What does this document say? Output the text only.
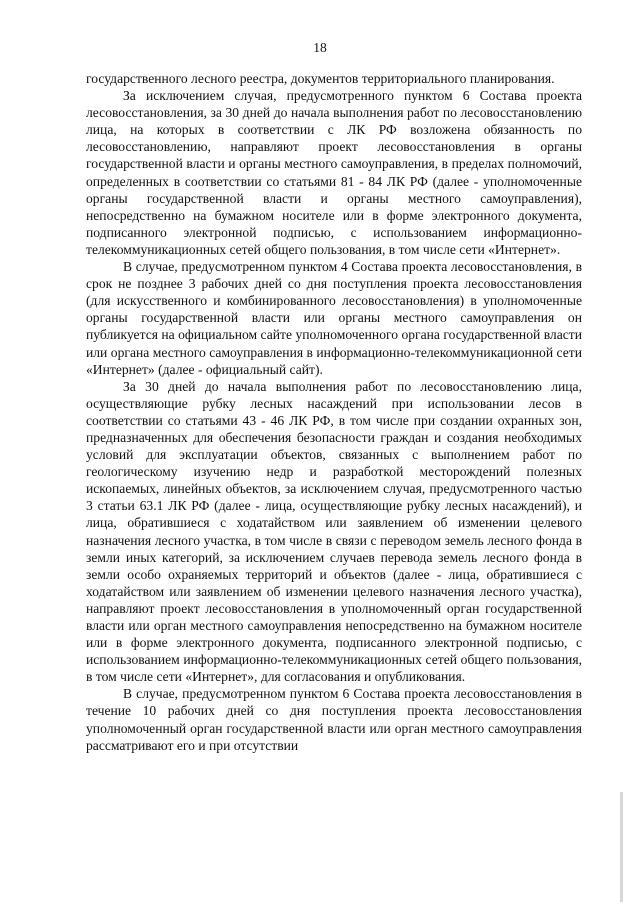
18

государственного лесного реестра, документов территориального планирования.

За исключением случая, предусмотренного пунктом 6 Состава проекта лесовосстановления, за 30 дней до начала выполнения работ по лесовосстановлению лица, на которых в соответствии с ЛК РФ возложена обязанность по лесовосстановлению, направляют проект лесовосстановления в органы государственной власти и органы местного самоуправления, в пределах полномочий, определенных в соответствии со статьями 81 - 84 ЛК РФ (далее - уполномоченные органы государственной власти и органы местного самоуправления), непосредственно на бумажном носителе или в форме электронного документа, подписанного электронной подписью, с использованием информационно-телекоммуникационных сетей общего пользования, в том числе сети «Интернет».

В случае, предусмотренном пунктом 4 Состава проекта лесовосстановления, в срок не позднее 3 рабочих дней со дня поступления проекта лесовосстановления (для искусственного и комбинированного лесовосстановления) в уполномоченные органы государственной власти или органы местного самоуправления он публикуется на официальном сайте уполномоченного органа государственной власти или органа местного самоуправления в информационно-телекоммуникационной сети «Интернет» (далее - официальный сайт).

За 30 дней до начала выполнения работ по лесовосстановлению лица, осуществляющие рубку лесных насаждений при использовании лесов в соответствии со статьями 43 - 46 ЛК РФ, в том числе при создании охранных зон, предназначенных для обеспечения безопасности граждан и создания необходимых условий для эксплуатации объектов, связанных с выполнением работ по геологическому изучению недр и разработкой месторождений полезных ископаемых, линейных объектов, за исключением случая, предусмотренного частью 3 статьи 63.1 ЛК РФ (далее - лица, осуществляющие рубку лесных насаждений), и лица, обратившиеся с ходатайством или заявлением об изменении целевого назначения лесного участка, в том числе в связи с переводом земель лесного фонда в земли иных категорий, за исключением случаев перевода земель лесного фонда в земли особо охраняемых территорий и объектов (далее - лица, обратившиеся с ходатайством или заявлением об изменении целевого назначения лесного участка), направляют проект лесовосстановления в уполномоченный орган государственной власти или орган местного самоуправления непосредственно на бумажном носителе или в форме электронного документа, подписанного электронной подписью, с использованием информационно-телекоммуникационных сетей общего пользования, в том числе сети «Интернет», для согласования и опубликования.

В случае, предусмотренном пунктом 6 Состава проекта лесовосстановления в течение 10 рабочих дней со дня поступления проекта лесовосстановления уполномоченный орган государственной власти или орган местного самоуправления рассматривают его и при отсутствии
